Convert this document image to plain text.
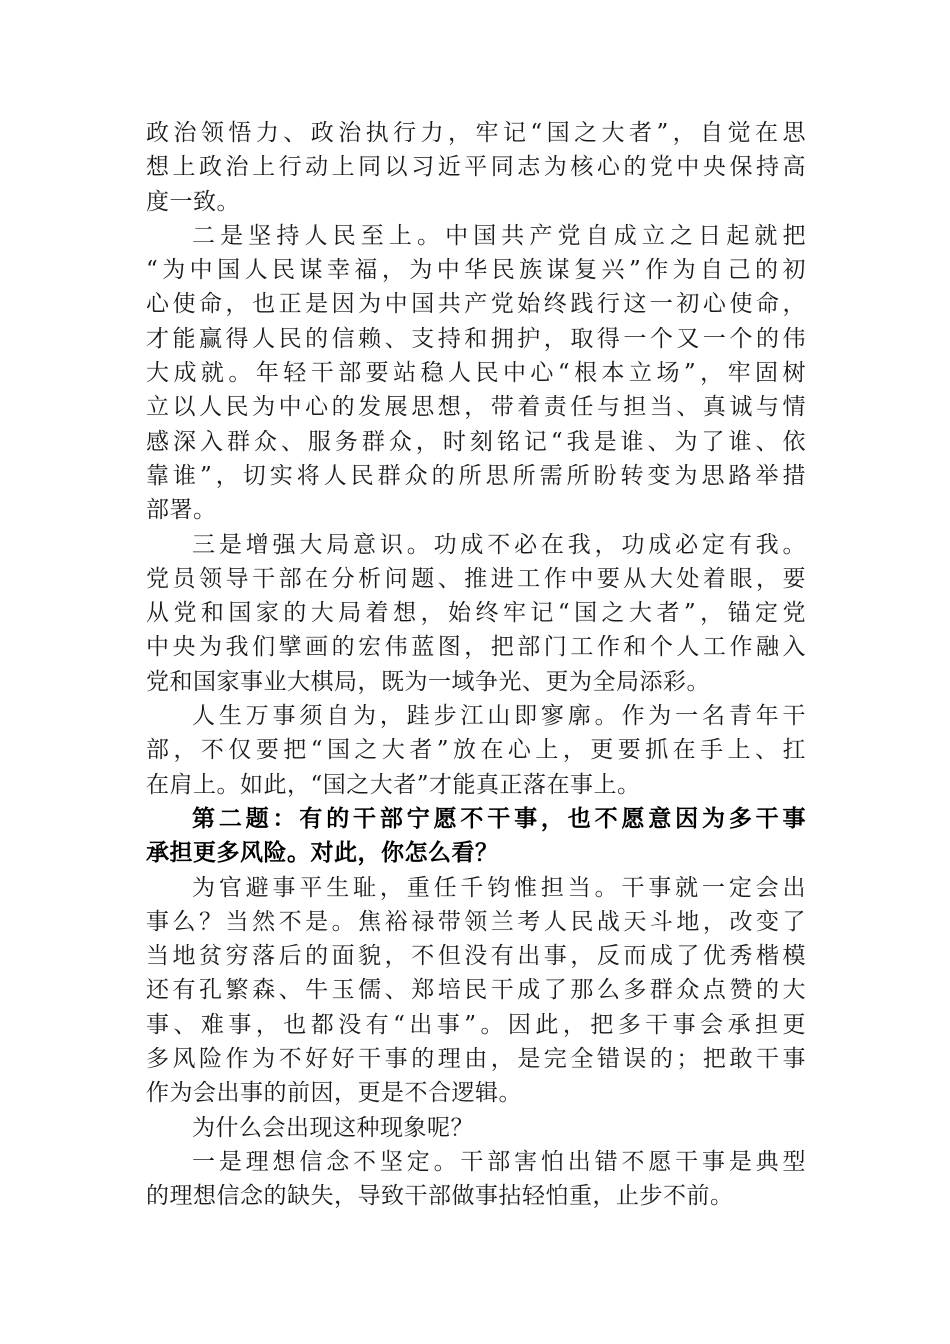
政治领悟力、政治执行力，牢记“国之大者”，自觉在思
想上政治上行动上同以习近平同志为核心的党中央保持高
度一致。
二是坚持人民至上。中国共产党自成立之日起就把
“为中国人民谋幸福，为中华民族谋复兴”作为自己的初
心使命，也正是因为中国共产党始终践行这一初心使命，
才能赢得人民的信赖、支持和拥护，取得一个又一个的伟
大成就。年轻干部要站稳人民中心“根本立场”，牢固树
立以人民为中心的发展思想，带着责任与担当、真诚与情
感深入群众、服务群众，时刻铭记“我是谁、为了谁、依
靠谁”，切实将人民群众的所思所需所盼转变为思路举措
部署。
三是增强大局意识。功成不必在我，功成必定有我。
党员领导干部在分析问题、推进工作中要从大处着眼，要
从党和国家的大局着想，始终牢记“国之大者”，锚定党
中央为我们擘画的宏伟蓝图，把部门工作和个人工作融入
党和国家事业大棋局，既为一域争光、更为全局添彩。
人生万事须自为，跬步江山即寥廓。作为一名青年干
部，不仅要把“国之大者”放在心上，更要抓在手上、扛
在肩上。如此，“国之大者”才能真正落在事上。
第二题：有的干部宁愿不干事，也不愿意因为多干事
承担更多风险。对此，你怎么看？
为官避事平生耻，重任千钧惟担当。干事就一定会出
事么？当然不是。焦裕禄带领兰考人民战天斗地，改变了
当地贫穷落后的面貌，不但没有出事，反而成了优秀楷模
还有孔繁森、牛玉儒、郑培民干成了那么多群众点赞的大
事、难事，也都没有“出事”。因此，把多干事会承担更
多风险作为不好好干事的理由，是完全错误的；把敢干事
作为会出事的前因，更是不合逻辑。
为什么会出现这种现象呢？
一是理想信念不坚定。干部害怕出错不愿干事是典型
的理想信念的缺失，导致干部做事拈轻怕重，止步不前。
